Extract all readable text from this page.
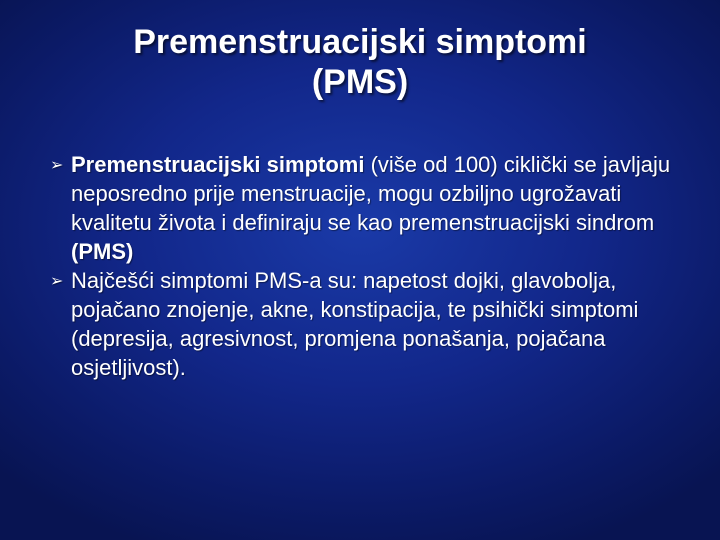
Premenstruacijski simptomi
(PMS)
➢ Premenstruacijski simptomi (više od 100) ciklički se javljaju neposredno prije menstruacije, mogu ozbiljno ugrožavati kvalitetu života i definiraju se kao premenstruacijski sindrom (PMS)
➢ Najčešći simptomi PMS-a su: napetost dojki, glavobolja, pojačano znojenje, akne, konstipacija, te psihički simptomi (depresija, agresivnost, promjena ponašanja, pojačana osjetljivost).
